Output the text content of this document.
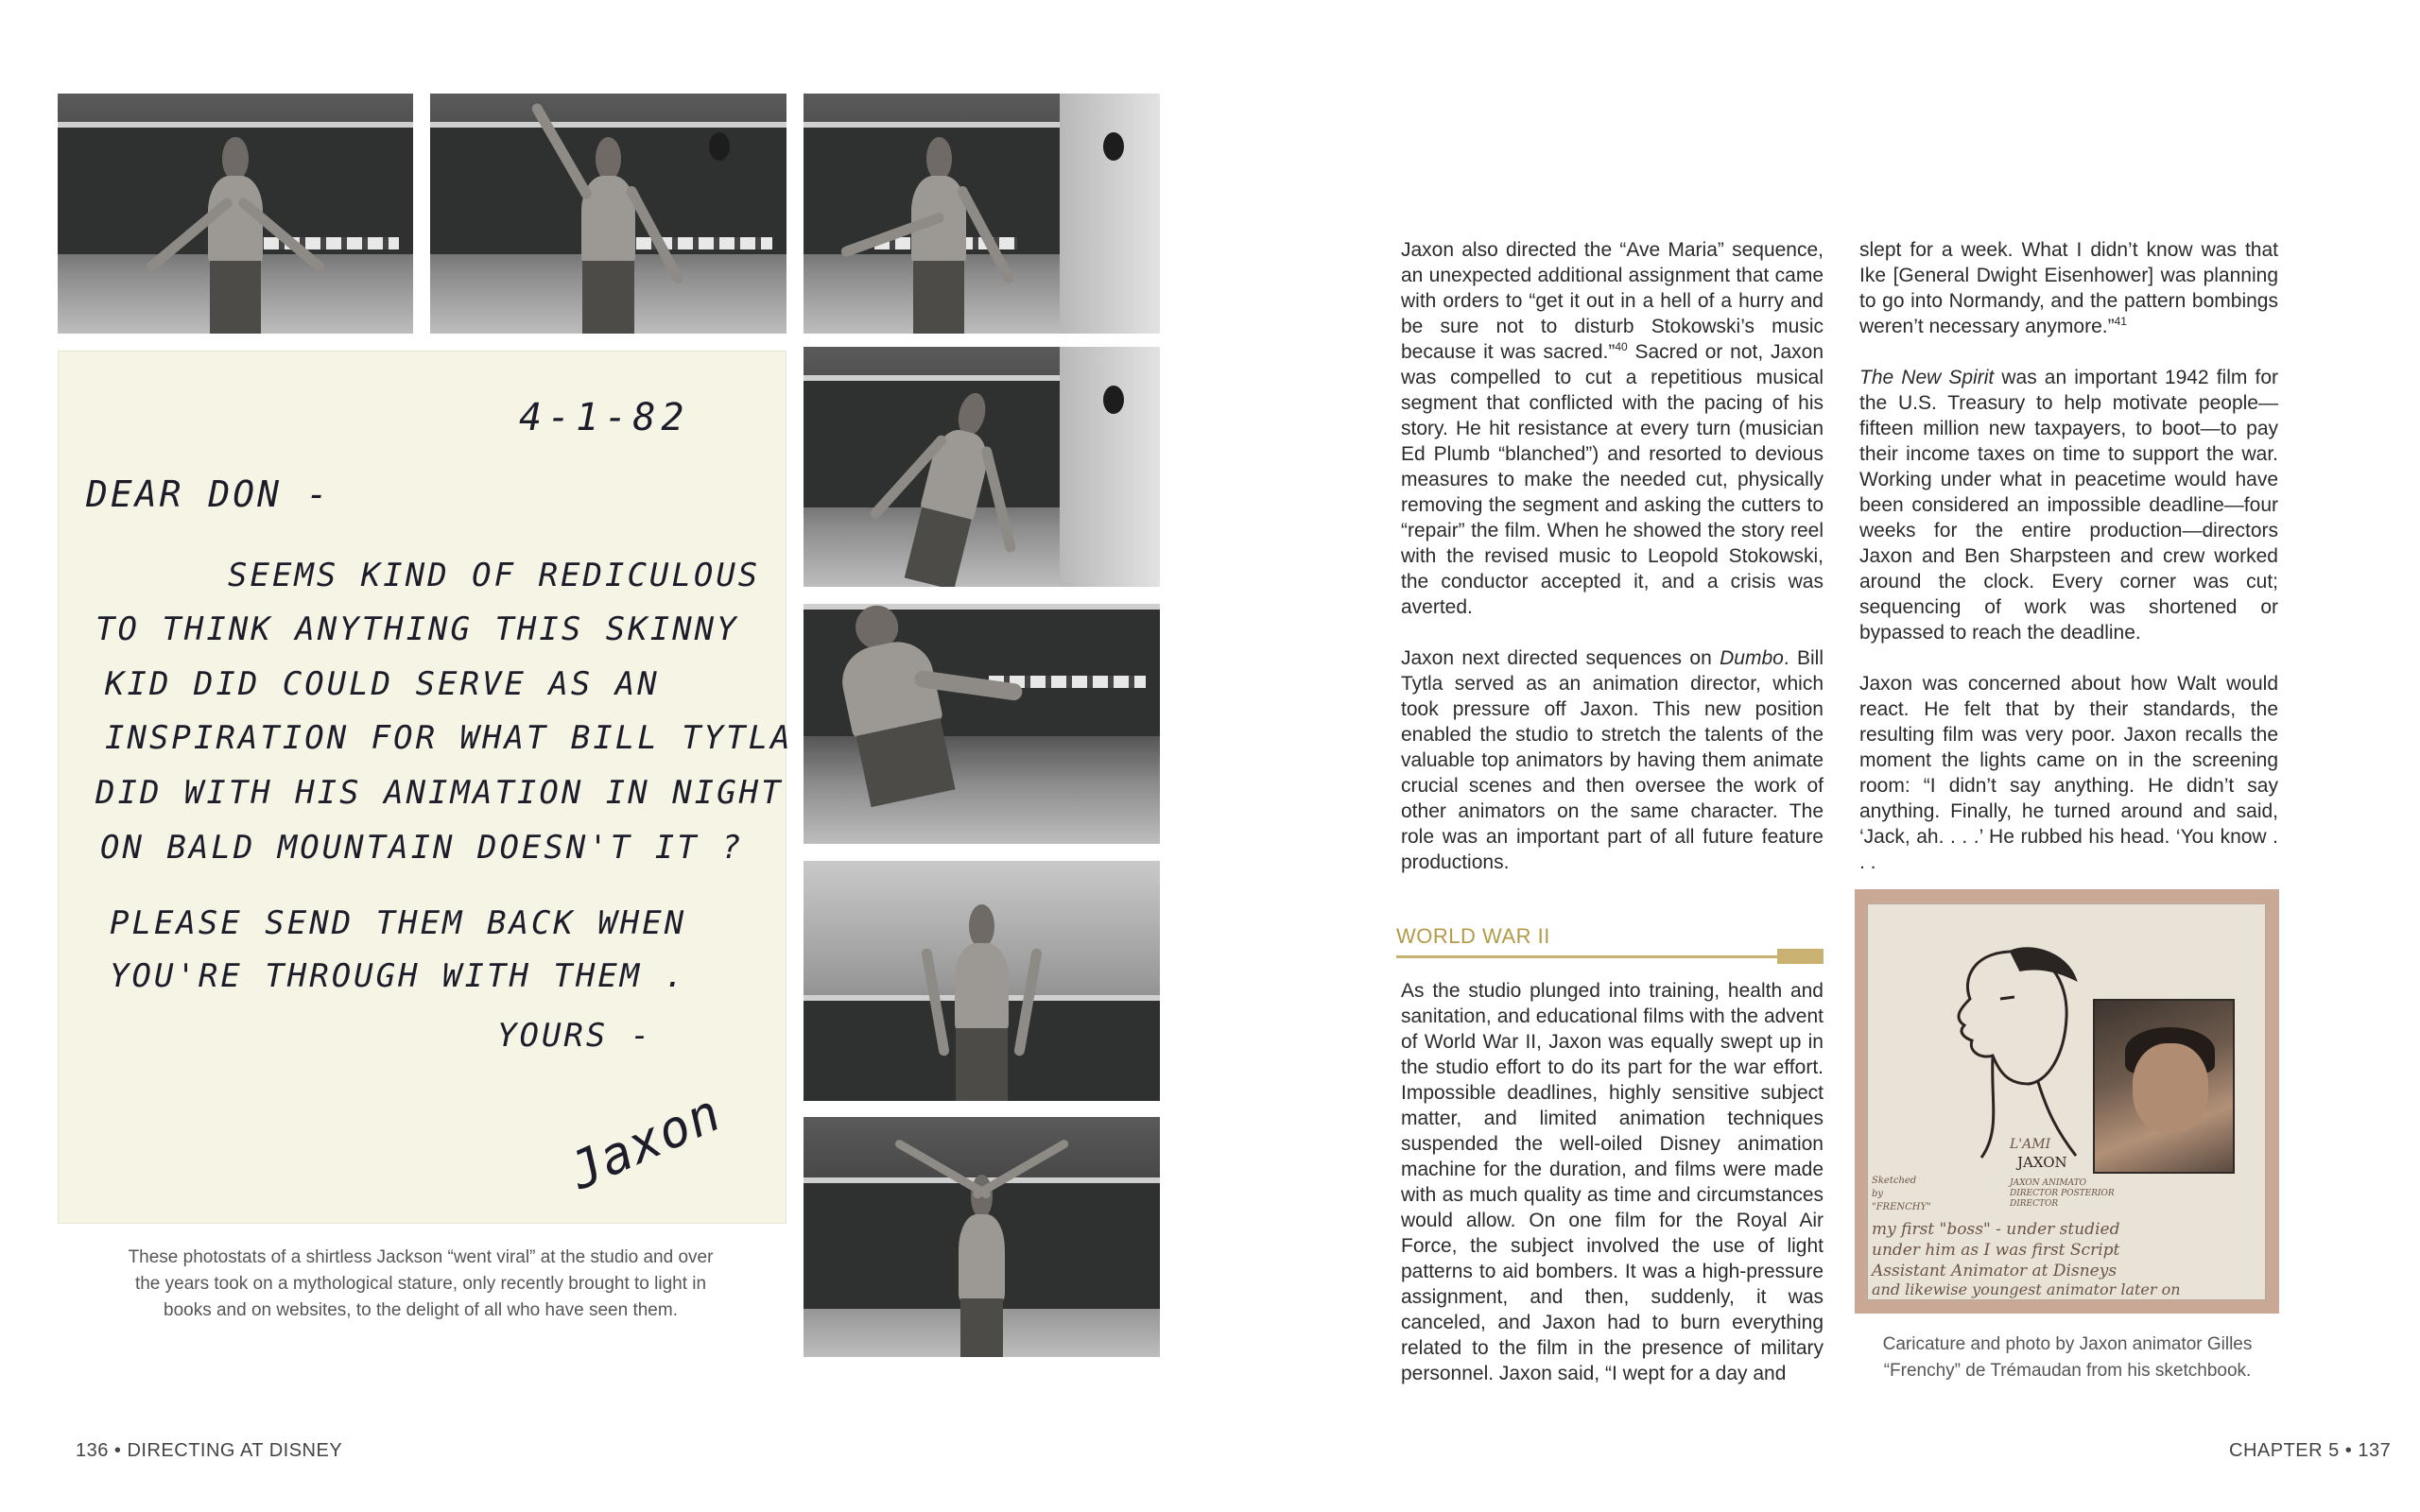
4-1-82
DEAR DON -
SEEMS KIND OF REDICULOUS
TO THINK ANYTHING THIS SKINNY
KID DID COULD SERVE AS AN
INSPIRATION FOR WHAT BILL TYTLA
DID WITH HIS ANIMATION IN NIGHT
ON BALD MOUNTAIN DOESN'T IT ?
PLEASE SEND THEM BACK WHEN
YOU'RE THROUGH WITH THEM .
YOURS -
Jaxon
These photostats of a shirtless Jackson “went viral” at the studio and over the years took on a mythological stature, only recently brought to light in books and on websites, to the delight of all who have seen them.
136 • DIRECTING AT DISNEY

Jaxon also directed the “Ave Maria” sequence, an unexpected additional assignment that came with orders to “get it out in a hell of a hurry and be sure not to disturb Stokowski’s music because it was sacred.”$^{40}$ Sacred or not, Jaxon was compelled to cut a repetitious musical segment that conflicted with the pacing of his story. He hit resistance at every turn (musician Ed Plumb “blanched”) and resorted to devious measures to make the needed cut, physically removing the segment and asking the cutters to “repair” the film. When he showed the story reel with the revised music to Leopold Stokowski, the conductor accepted it, and a crisis was averted.

Jaxon next directed sequences on Dumbo. Bill Tytla served as an animation director, which took pressure off Jaxon. This new position enabled the studio to stretch the talents of the valuable top animators by having them animate crucial scenes and then oversee the work of other animators on the same character. The role was an important part of all future feature productions.

WORLD WAR II

As the studio plunged into training, health and sanitation, and educational films with the advent of World War II, Jaxon was equally swept up in the studio effort to do its part for the war effort. Impossible deadlines, highly sensitive subject matter, and limited animation techniques suspended the well-oiled Disney animation machine for the duration, and films were made with as much quality as time and circumstances would allow. On one film for the Royal Air Force, the subject involved the use of light patterns to aid bombers. It was a high-pressure assignment, and then, suddenly, it was canceled, and Jaxon had to burn everything related to the film in the presence of military personnel. Jaxon said, “I wept for a day and

slept for a week. What I didn’t know was that Ike [General Dwight Eisenhower] was planning to go into Normandy, and the pattern bombings weren’t necessary anymore.”$^{41}$

The New Spirit was an important 1942 film for the U.S. Treasury to help motivate people—fifteen million new taxpayers, to boot—to pay their income taxes on time to support the war. Working under what in peacetime would have been considered an impossible deadline—four weeks for the entire production—directors Jaxon and Ben Sharpsteen and crew worked around the clock. Every corner was cut; sequencing of work was shortened or bypassed to reach the deadline.

Jaxon was concerned about how Walt would react. He felt that by their standards, the resulting film was very poor. Jaxon recalls the moment the lights came on in the screening room: “I didn’t say anything. He didn’t say anything. Finally, he turned around and said, ‘Jack, ah. . . .’ He rubbed his head. ‘You know . . .

L'AMI
JAXON
JAXON ANIMATO DIRECTOR POSTERIOR DIRECTOR
Sketched by "FRENCHY"
my first "boss" - under studied
under him as I was first Script
Assistant Animator at Disneys
and likewise youngest animator later on
Caricature and photo by Jaxon animator Gilles “Frenchy” de Trémaudan from his sketchbook.
CHAPTER 5 • 137
